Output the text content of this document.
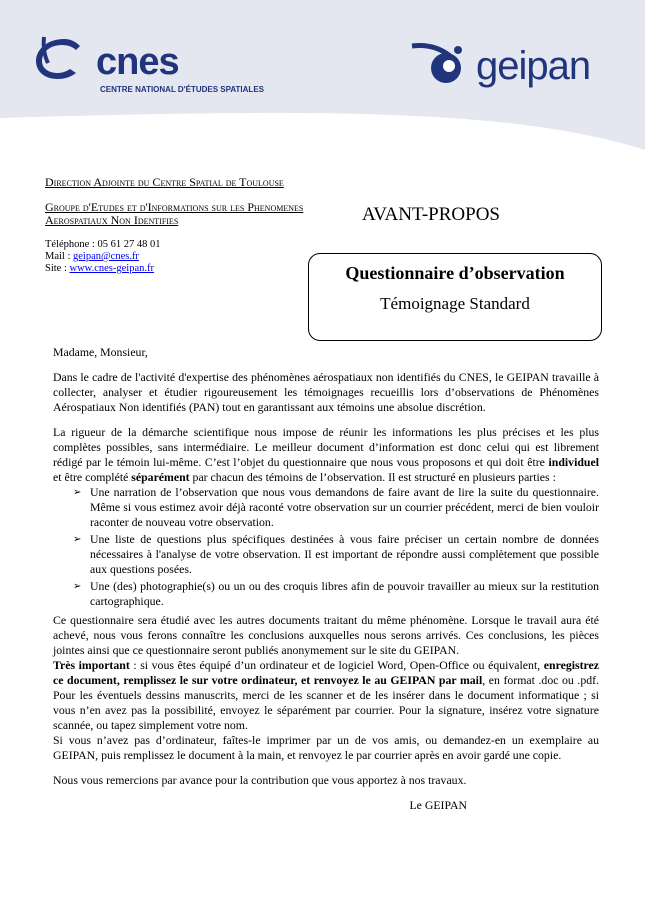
cnes
CENTRE NATIONAL D'ÉTUDES SPATIALES
geipan

Direction Adjointe du Centre Spatial de Toulouse

Groupe d'Etudes et d'Informations sur les Phenomenes Aerospatiaux Non Identifies

Téléphone : 05 61 27 48 01
Mail : geipan@cnes.fr
Site : www.cnes-geipan.fr
AVANT-PROPOS
Questionnaire d’observation
Témoignage Standard

Madame, Monsieur,

Dans le cadre de l'activité d'expertise des phénomènes aérospatiaux non identifiés du CNES, le GEIPAN travaille à collecter, analyser et étudier rigoureusement les témoignages recueillis lors d’observations de Phénomènes Aérospatiaux Non identifiés (PAN) tout en garantissant aux témoins une absolue discrétion.

La rigueur de la démarche scientifique nous impose de réunir les informations les plus précises et les plus complètes possibles, sans intermédiaire. Le meilleur document d’information est donc celui qui est librement rédigé par le témoin lui-même. C’est l’objet du questionnaire que nous vous proposons et qui doit être individuel et être complété séparément par chacun des témoins de l’observation. Il est structuré en plusieurs parties :

➢ Une narration de l’observation que nous vous demandons de faire avant de lire la suite du questionnaire. Même si vous estimez avoir déjà raconté votre observation sur un courrier précédent, merci de bien vouloir raconter de nouveau votre observation.
➢ Une liste de questions plus spécifiques destinées à vous faire préciser un certain nombre de données nécessaires à l'analyse de votre observation. Il est important de répondre aussi complètement que possible aux questions posées.
➢ Une (des) photographie(s) ou un ou des croquis libres afin de pouvoir travailler au mieux sur la restitution cartographique.

Ce questionnaire sera étudié avec les autres documents traitant du même phénomène. Lorsque le travail aura été achevé, nous vous ferons connaître les conclusions auxquelles nous serons arrivés. Ces conclusions, les pièces jointes ainsi que ce questionnaire seront publiés anonymement sur le site du GEIPAN.

Très important : si vous êtes équipé d’un ordinateur et de logiciel Word, Open-Office ou équivalent, enregistrez ce document, remplissez le sur votre ordinateur, et renvoyez le au GEIPAN par mail, en format .doc ou .pdf. Pour les éventuels dessins manuscrits, merci de les scanner et de les insérer dans le document informatique ; si vous n’en avez pas la possibilité, envoyez le séparément par courrier. Pour la signature, insérez votre signature scannée, ou tapez simplement votre nom.

Si vous n’avez pas d’ordinateur, faîtes-le imprimer par un de vos amis, ou demandez-en un exemplaire au GEIPAN, puis remplissez le document à la main, et renvoyez le par courrier après en avoir gardé une copie.

Nous vous remercions par avance pour la contribution que vous apportez à nos travaux.

Le GEIPAN
